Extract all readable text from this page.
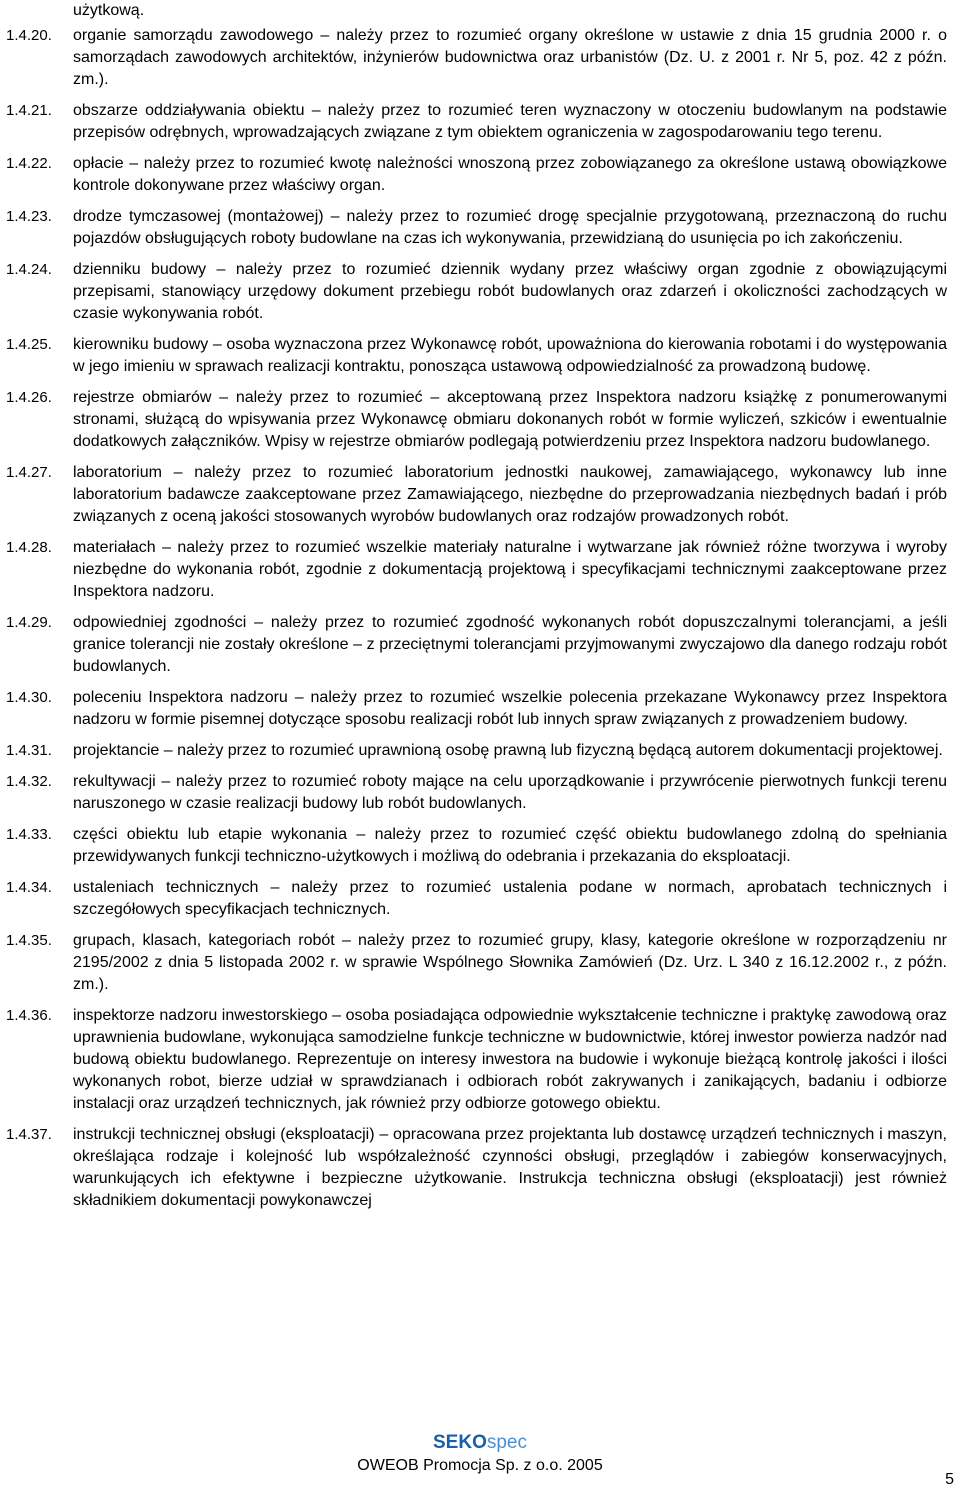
użytkową.
1.4.20.	organie samorządu zawodowego – należy przez to rozumieć organy określone w ustawie z dnia 15 grudnia 2000 r. o samorządach zawodowych architektów, inżynierów budownictwa oraz urbanistów (Dz. U. z 2001 r. Nr 5, poz. 42 z późn. zm.).
1.4.21.	obszarze oddziaływania obiektu – należy przez to rozumieć teren wyznaczony w otoczeniu budowlanym na podstawie przepisów odrębnych, wprowadzających związane z tym obiektem ograniczenia w zagospodarowaniu tego terenu.
1.4.22.	opłacie – należy przez to rozumieć kwotę należności wnoszoną przez zobowiązanego za określone ustawą obowiązkowe kontrole dokonywane przez właściwy organ.
1.4.23.	drodze tymczasowej (montażowej) – należy przez to rozumieć drogę specjalnie przygotowaną, przeznaczoną do ruchu pojazdów obsługujących roboty budowlane na czas ich wykonywania, przewidzianą do usunięcia po ich zakończeniu.
1.4.24.	dzienniku budowy – należy przez to rozumieć dziennik wydany przez właściwy organ zgodnie z obowiązującymi przepisami, stanowiący urzędowy dokument przebiegu robót budowlanych oraz zdarzeń i okoliczności zachodzących w czasie wykonywania robót.
1.4.25.	kierowniku budowy – osoba wyznaczona przez Wykonawcę robót, upoważniona do kierowania robotami i do występowania w jego imieniu w sprawach realizacji kontraktu, ponosząca ustawową odpowiedzialność za prowadzoną budowę.
1.4.26.	rejestrze obmiarów – należy przez to rozumieć – akceptowaną przez Inspektora nadzoru książkę z ponumerowanymi stronami, służącą do wpisywania przez Wykonawcę obmiaru dokonanych robót w formie wyliczeń, szkiców i ewentualnie dodatkowych załączników. Wpisy w rejestrze obmiarów podlegają potwierdzeniu przez Inspektora nadzoru budowlanego.
1.4.27.	laboratorium – należy przez to rozumieć laboratorium jednostki naukowej, zamawiającego, wykonawcy lub inne laboratorium badawcze zaakceptowane przez Zamawiającego, niezbędne do przeprowadzania niezbędnych badań i prób związanych z oceną jakości stosowanych wyrobów budowlanych oraz rodzajów prowadzonych robót.
1.4.28.	materiałach – należy przez to rozumieć wszelkie materiały naturalne i wytwarzane jak również różne tworzywa i wyroby niezbędne do wykonania robót, zgodnie z dokumentacją projektową i specyfikacjami technicznymi zaakceptowane przez Inspektora nadzoru.
1.4.29.	odpowiedniej zgodności – należy przez to rozumieć zgodność wykonanych robót dopuszczalnymi tolerancjami, a jeśli granice tolerancji nie zostały określone – z przeciętnymi tolerancjami przyjmowanymi zwyczajowo dla danego rodzaju robót budowlanych.
1.4.30.	poleceniu Inspektora nadzoru – należy przez to rozumieć wszelkie polecenia przekazane Wykonawcy przez Inspektora nadzoru w formie pisemnej dotyczące sposobu realizacji robót lub innych spraw związanych z prowadzeniem budowy.
1.4.31.	projektancie – należy przez to rozumieć uprawnioną osobę prawną lub fizyczną będącą autorem dokumentacji projektowej.
1.4.32.	rekultywacji – należy przez to rozumieć roboty mające na celu uporządkowanie i przywrócenie pierwotnych funkcji terenu naruszonego w czasie realizacji budowy lub robót budowlanych.
1.4.33.	części obiektu lub etapie wykonania – należy przez to rozumieć część obiektu budowlanego zdolną do spełniania przewidywanych funkcji techniczno-użytkowych i możliwą do odebrania i przekazania do eksploatacji.
1.4.34.	ustaleniach technicznych – należy przez to rozumieć ustalenia podane w normach, aprobatach technicznych i szczegółowych specyfikacjach technicznych.
1.4.35.	grupach, klasach, kategoriach robót – należy przez to rozumieć grupy, klasy, kategorie określone w rozporządzeniu nr 2195/2002 z dnia 5 listopada 2002 r. w sprawie Wspólnego Słownika Zamówień (Dz. Urz. L 340 z 16.12.2002 r., z późn. zm.).
1.4.36.	inspektorze nadzoru inwestorskiego – osoba posiadająca odpowiednie wykształcenie techniczne i praktykę zawodową oraz uprawnienia budowlane, wykonująca samodzielne funkcje techniczne w budownictwie, której inwestor powierza nadzór nad budową obiektu budowlanego. Reprezentuje on interesy inwestora na budowie i wykonuje bieżącą kontrolę jakości i ilości wykonanych robot, bierze udział w sprawdzianach i odbiorach robót zakrywanych i zanikających, badaniu i odbiorze instalacji oraz urządzeń technicznych, jak również przy odbiorze gotowego obiektu.
1.4.37.	instrukcji technicznej obsługi (eksploatacji) – opracowana przez projektanta lub dostawcę urządzeń technicznych i maszyn, określająca rodzaje i kolejność lub współzależność czynności obsługi, przeglądów i zabiegów konserwacyjnych, warunkujących ich efektywne i bezpieczne użytkowanie. Instrukcja techniczna obsługi (eksploatacji) jest również składnikiem dokumentacji powykonawczej
SEKOspec
OWEOB Promocja Sp. z o.o. 2005
5
